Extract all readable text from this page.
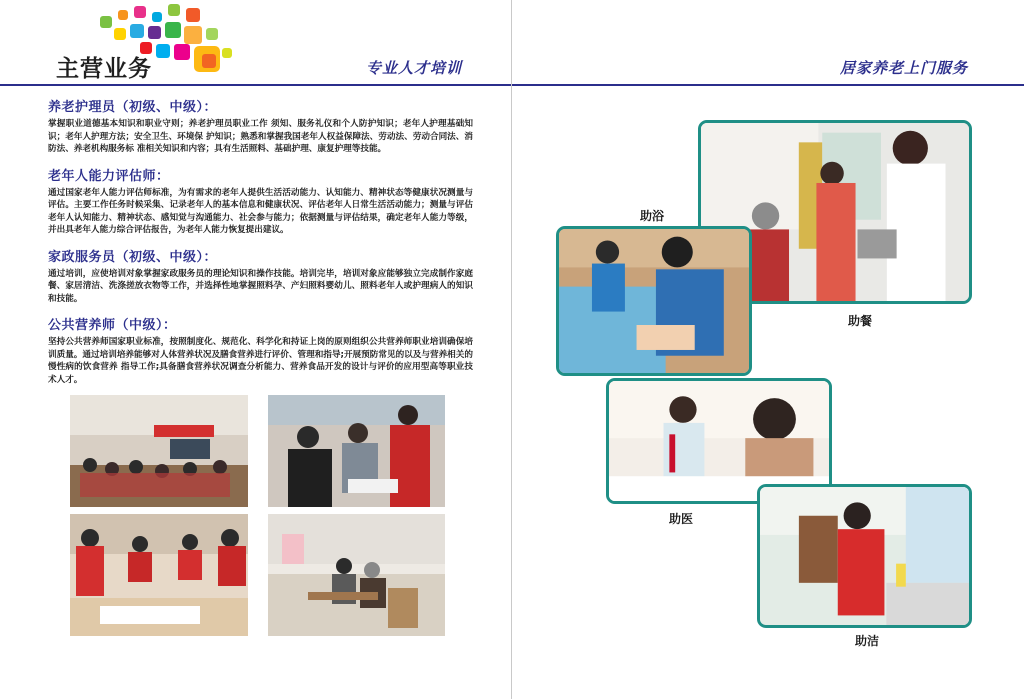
主营业务	专业人才培训
养老护理员（初级、中级）：

掌握职业道德基本知识和职业守则；养老护理员职业工作 须知、服务礼仪和个人防护知识；老年人护理基础知识；老年人护理方法；安全卫生、环境保 护知识；熟悉和掌握我国老年人权益保障法、劳动法、劳动合同法、消防法、养老机构服务标 准相关知识和内容；具有生活照料、基础护理、康复护理等技能。

老年人能力评估师：

通过国家老年人能力评估师标准，为有需求的老年人提供生活活动能力、认知能力、精神状态等健康状况测量与评估。主要工作任务时候采集、记录老年人的基本信息和健康状况、评估老年人日常生活活动能力；测量与评估老年人认知能力、精神状态、感知觉与沟通能力、社会参与能力；依据测量与评估结果，确定老年人能力等级，并出具老年人能力综合评估报告，为老年人能力恢复提出建议。

家政服务员（初级、中级）：

通过培训，应使培训对象掌握家政服务员的理论知识和操作技能。培训完毕，培训对象应能够独立完成制作家庭餐、家居清洁、洗涤搓放衣物等工作，并选择性地掌握照料孕、产妇照料婴幼儿、照料老年人或护理病人的知识和技能。

公共营养师（中级）：

坚持公共营养师国家职业标准，按照制度化、规范化、科学化和持证上岗的原则组织公共营养师职业培训确保培训质量。通过培训培养能够对人体营养状况及膳食营养进行评价、管理和指导;开展预防常见的以及与营养相关的慢性病的饮食营养 指导工作;具备膳食营养状况调查分析能力、营养食品开发的设计与评价的应用型高等职业技术人才。

居家养老上门服务
助餐
助浴
助医
助洁
